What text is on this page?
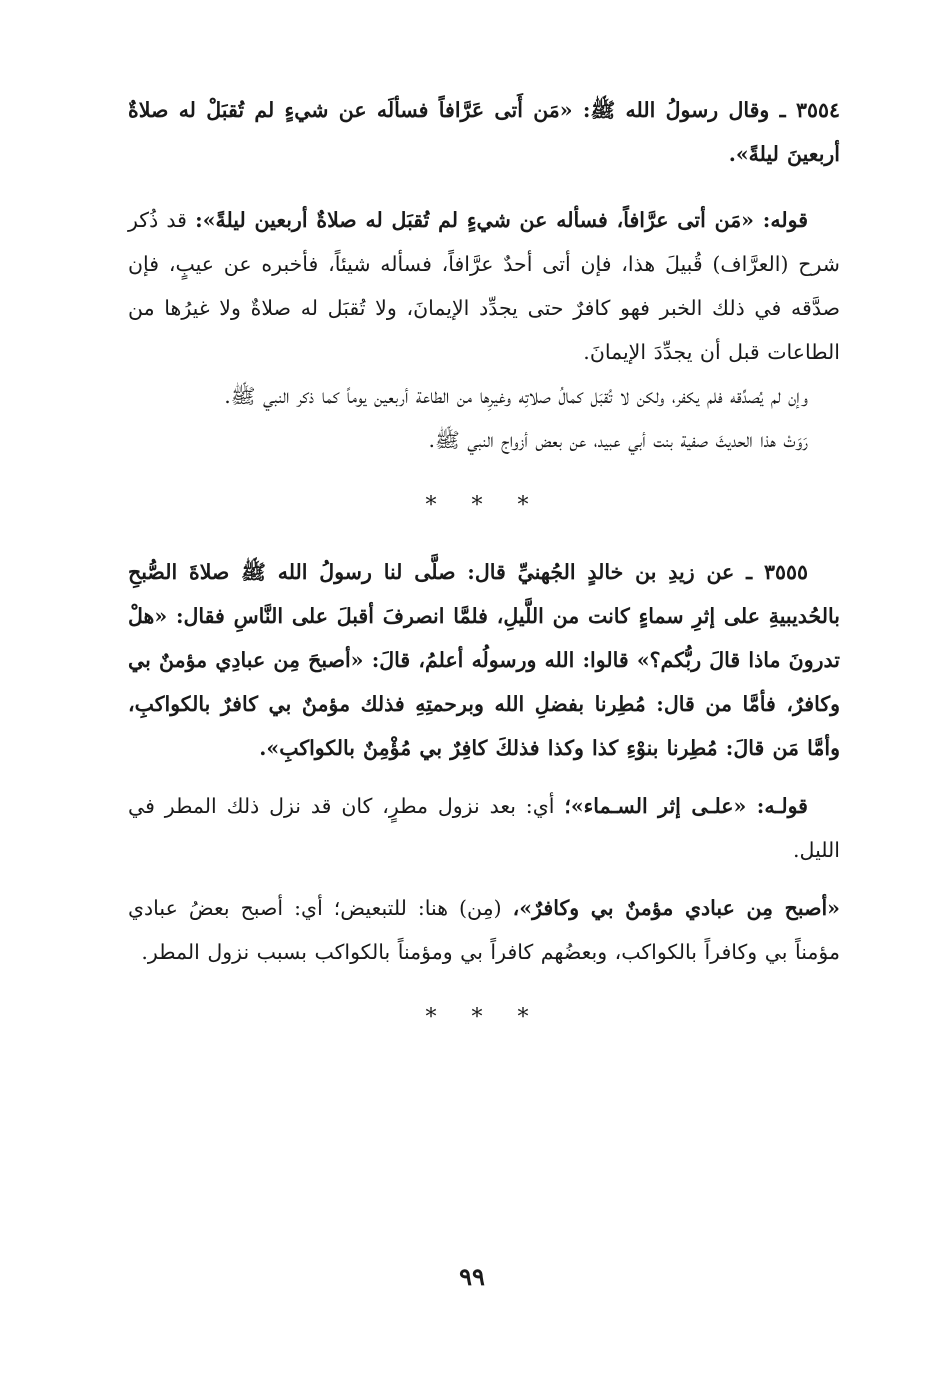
٣٥٥٤ ـ وقال رسولُ الله ﷺ: «مَن أَتى عَرَّافاً فسألَه عن شيءٍ لم تُقبَلْ له صلاةٌ أربعينَ ليلةً».

قوله: «مَن أتى عرَّافاً، فسأله عن شيءٍ لم تُقبَل له صلاةٌ أربعين ليلةً»: قد ذُكر شرح (العرَّاف) قُبيلَ هذا، فإن أتى أحدٌ عرَّافاً، فسأله شيئاً، فأخبره عن عيبٍ، فإن صدَّقه في ذلك الخبر فهو كافرٌ حتى يجدِّد الإيمانَ، ولا تُقبَل له صلاةٌ ولا غيرُها من الطاعات قبل أن يجدِّدَ الإيمانَ.

وإن لم يُصدِّقه فلم يكفر، ولكن لا تُقبَل كمالُ صلاتِه وغيرِها من الطاعة أربعين يوماً كما ذكر النبي ﷺ.

رَوَتْ هذا الحديثَ صفية بنت أبي عبيد، عن بعض أزواج النبي ﷺ.

* * *

٣٥٥٥ ـ عن زيدِ بن خالدٍ الجُهنيِّ قال: صلَّى لنا رسولُ الله ﷺ صلاةَ الصُّبحِ بالحُديبيةِ على إثرِ سماءٍ كانت من اللَّيلِ، فلمَّا انصرفَ أقبلَ على النَّاسِ فقال: «هلْ تدرونَ ماذا قالَ ربُّكم؟» قالوا: الله ورسولُه أعلمُ، قالَ: «أصبحَ مِن عبادِي مؤمنٌ بي وكافرٌ، فأمَّا من قال: مُطِرنا بفضلِ الله وبرحمتِهِ فذلك مؤمنٌ بي كافرٌ بالكواكبِ، وأمَّا مَن قالَ: مُطِرنا بنوْءِ كذا وكذا فذلكَ كافِرٌ بي مُؤْمِنٌ بالكواكبِ».

قولـه: «علـى إثر السـماء»؛ أي: بعد نزول مطرٍ، كان قد نزل ذلك المطر في الليل.

«أصبح مِن عبادي مؤمنٌ بي وكافرٌ»، (مِن) هنا: للتبعيض؛ أي: أصبح بعضُ عبادي مؤمناً بي وكافراً بالكواكب، وبعضُهم كافراً بي ومؤمناً بالكواكب بسبب نزول المطر.

* * *

٩٩
